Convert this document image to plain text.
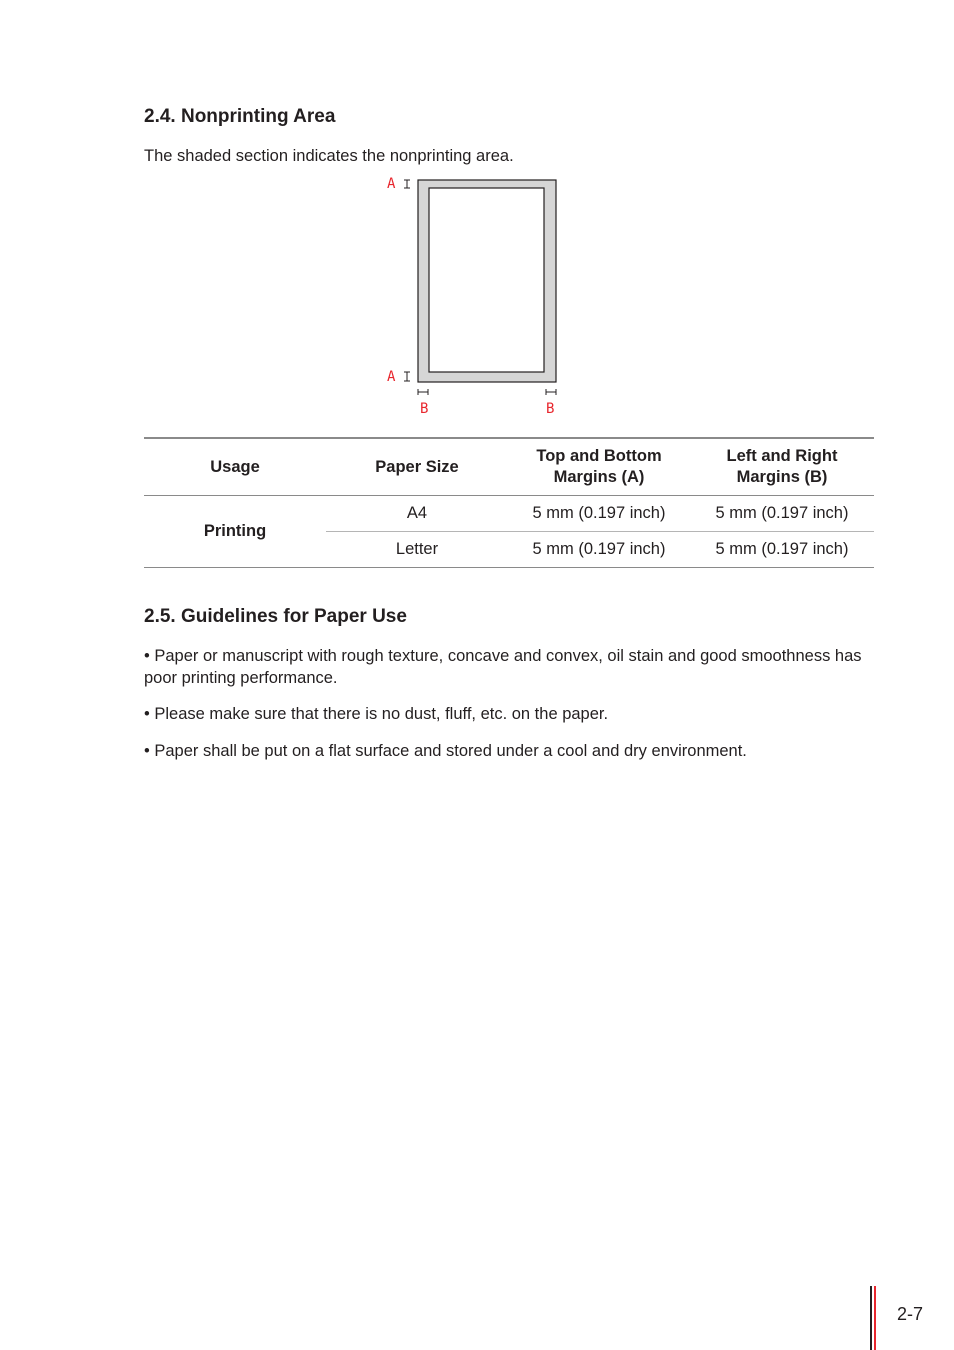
2.4. Nonprinting Area

The shaded section indicates the nonprinting area.

A
A
B	B
Usage	Paper Size	Top and Bottom Margins (A)	Left and Right Margins (B)
Printing	A4	5 mm (0.197 inch)	5 mm (0.197 inch)
	Letter	5 mm (0.197 inch)	5 mm (0.197 inch)
2.5. Guidelines for Paper Use

• Paper or manuscript with rough texture, concave and convex, oil stain and good smoothness has poor printing performance.

• Please make sure that there is no dust, fluff, etc. on the paper.

• Paper shall be put on a flat surface and stored under a cool and dry environment.

2-7
